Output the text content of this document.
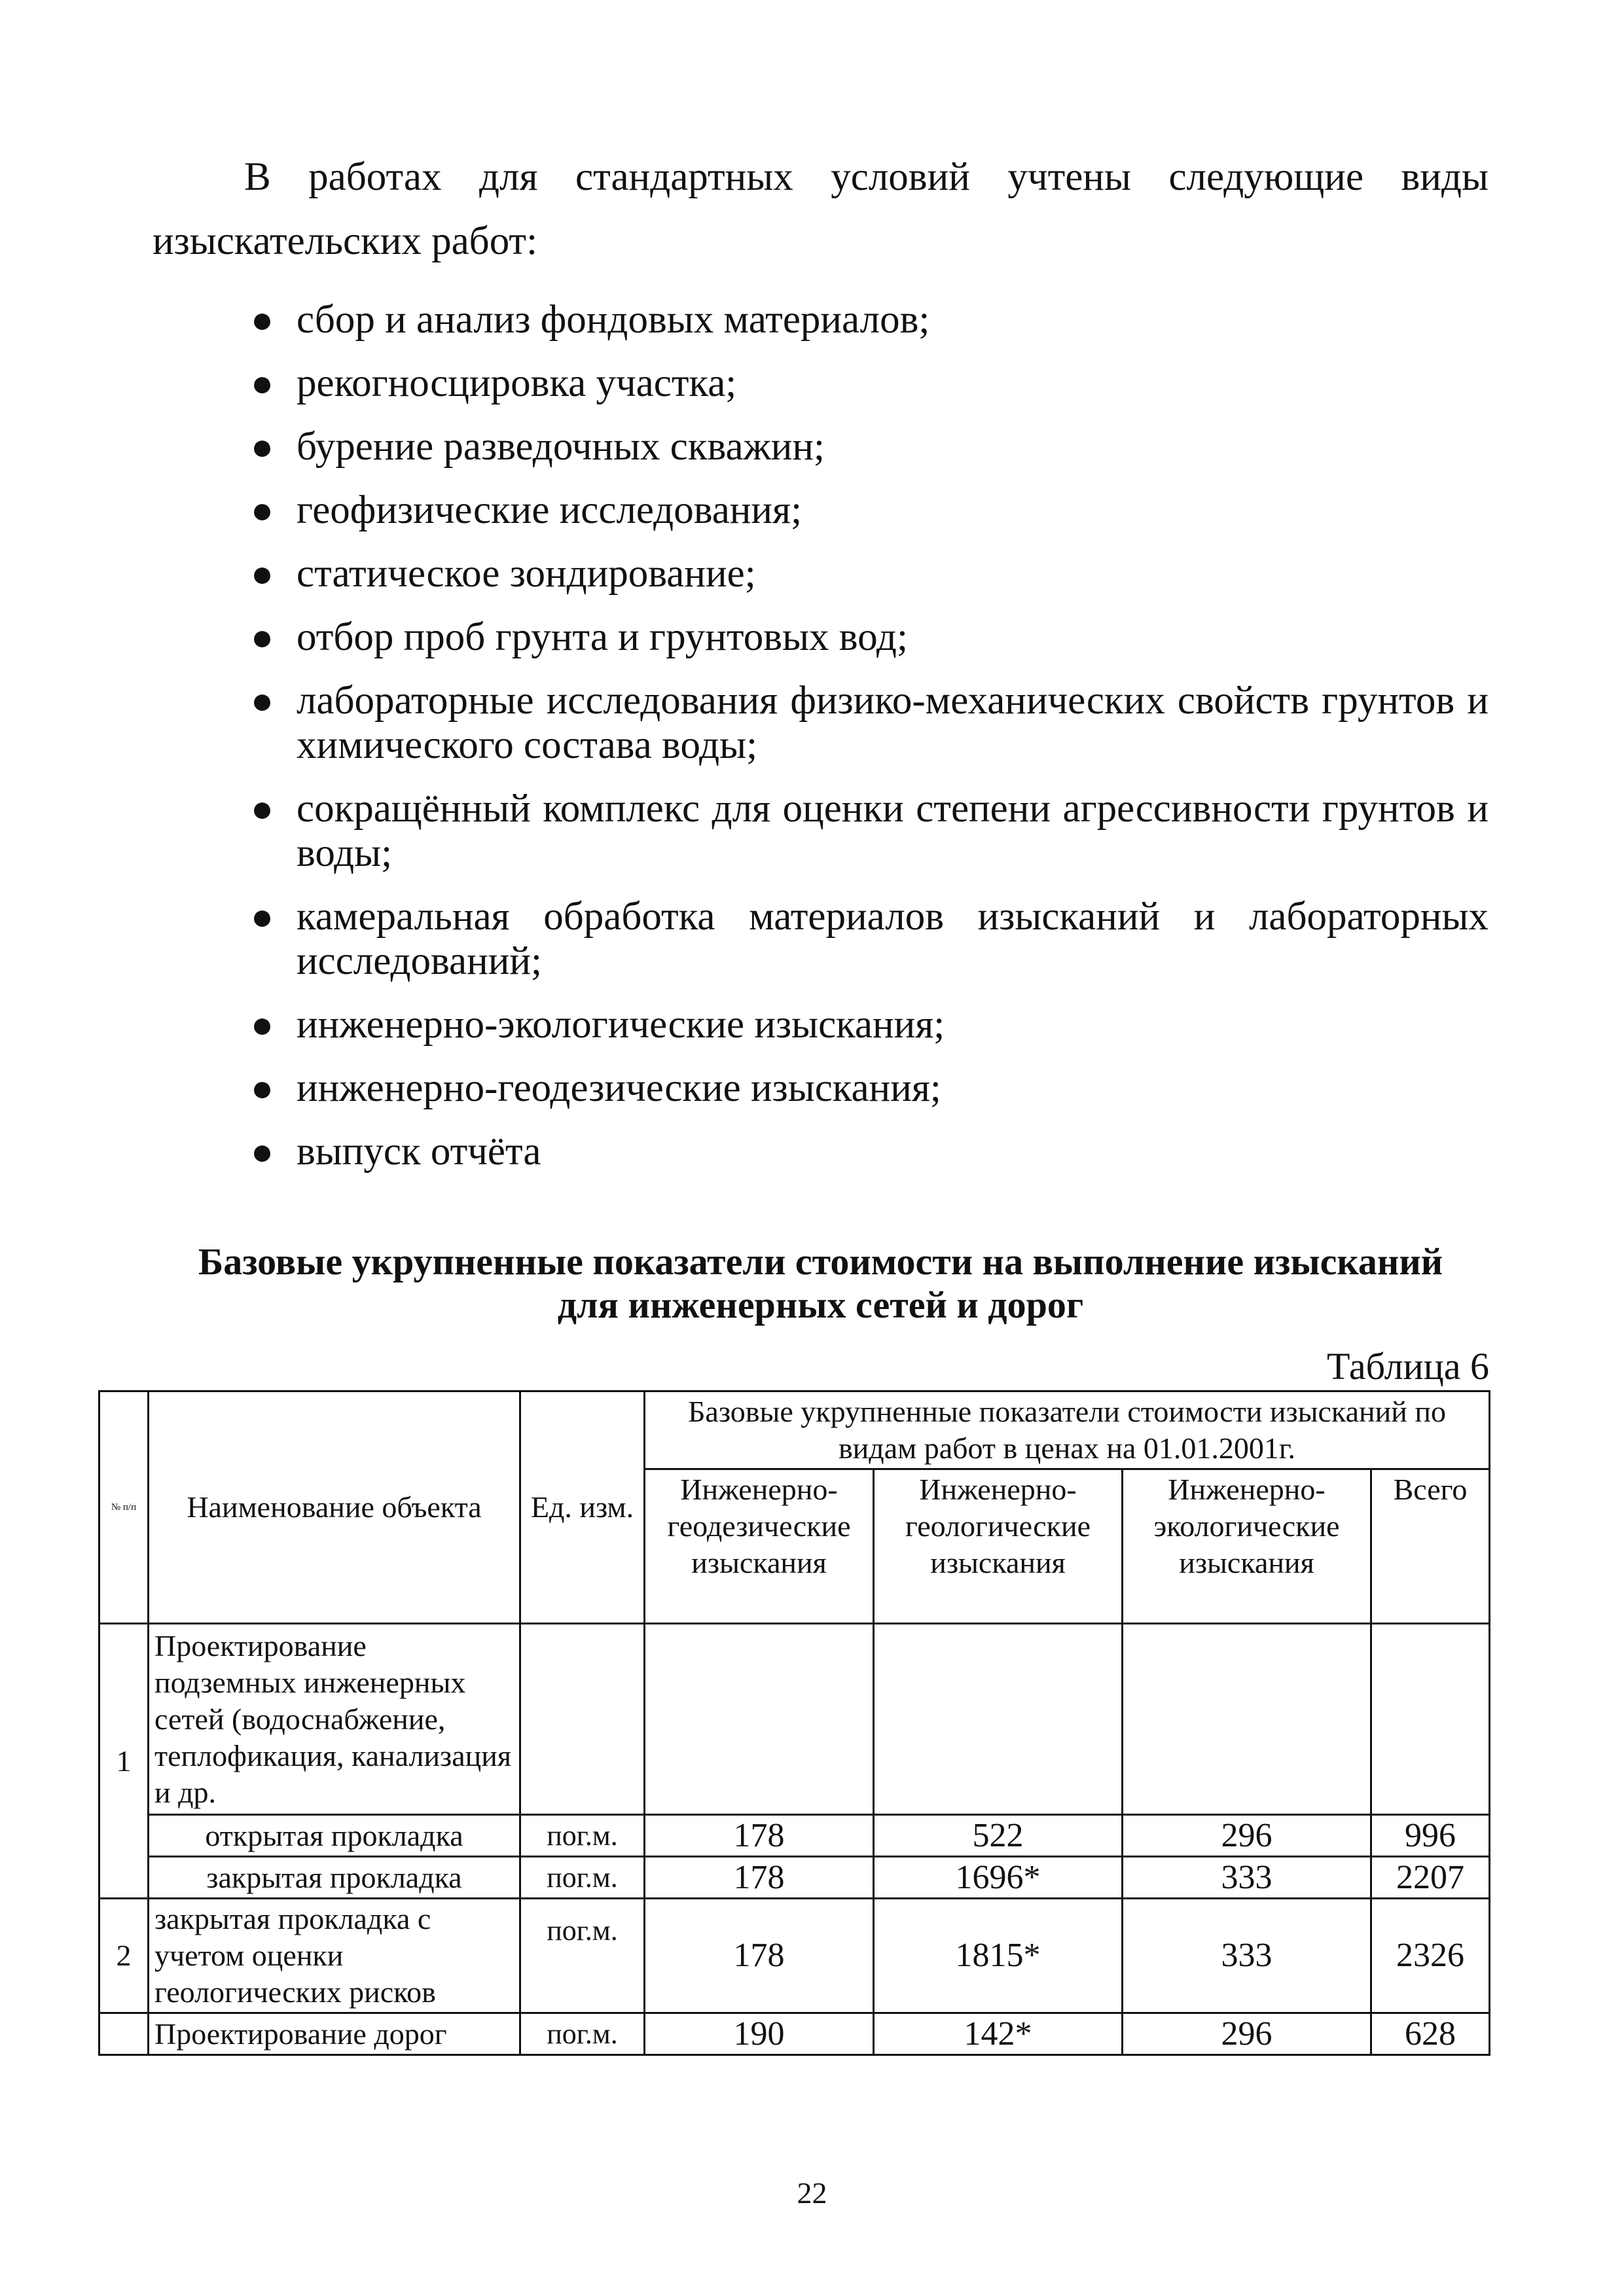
В работах для стандартных условий учтены следующие виды изыскательских работ:

● сбор и анализ фондовых материалов;
● рекогносцировка участка;
● бурение разведочных скважин;
● геофизические исследования;
● статическое зондирование;
● отбор проб грунта и грунтовых вод;
● лабораторные исследования физико-механических свойств грунтов и химического состава воды;
● сокращённый комплекс для оценки степени агрессивности грунтов и воды;
● камеральная обработка материалов изысканий и лабораторных исследований;
● инженерно-экологические изыскания;
● инженерно-геодезические изыскания;
● выпуск отчёта
Базовые укрупненные показатели стоимости на выполнение изысканий
для инженерных сетей и дорог
Таблица 6
№ п/п	Наименование объекта	Ед. изм.	Базовые укрупненные показатели стоимости изысканий по видам работ в ценах на 01.01.2001г.			
			Инженерно-геодезические изыскания	Инженерно-геологические изыскания	Инженерно-экологические изыскания	Всего
1	Проектирование подземных инженерных сетей (водоснабжение, теплофикация, канализация и др.					
	открытая прокладка	пог.м.	178	522	296	996
	закрытая прокладка	пог.м.	178	1696*	333	2207
2	закрытая прокладка с учетом оценки геологических рисков	пог.м.	178	1815*	333	2326
	Проектирование дорог	пог.м.	190	142*	296	628
22
